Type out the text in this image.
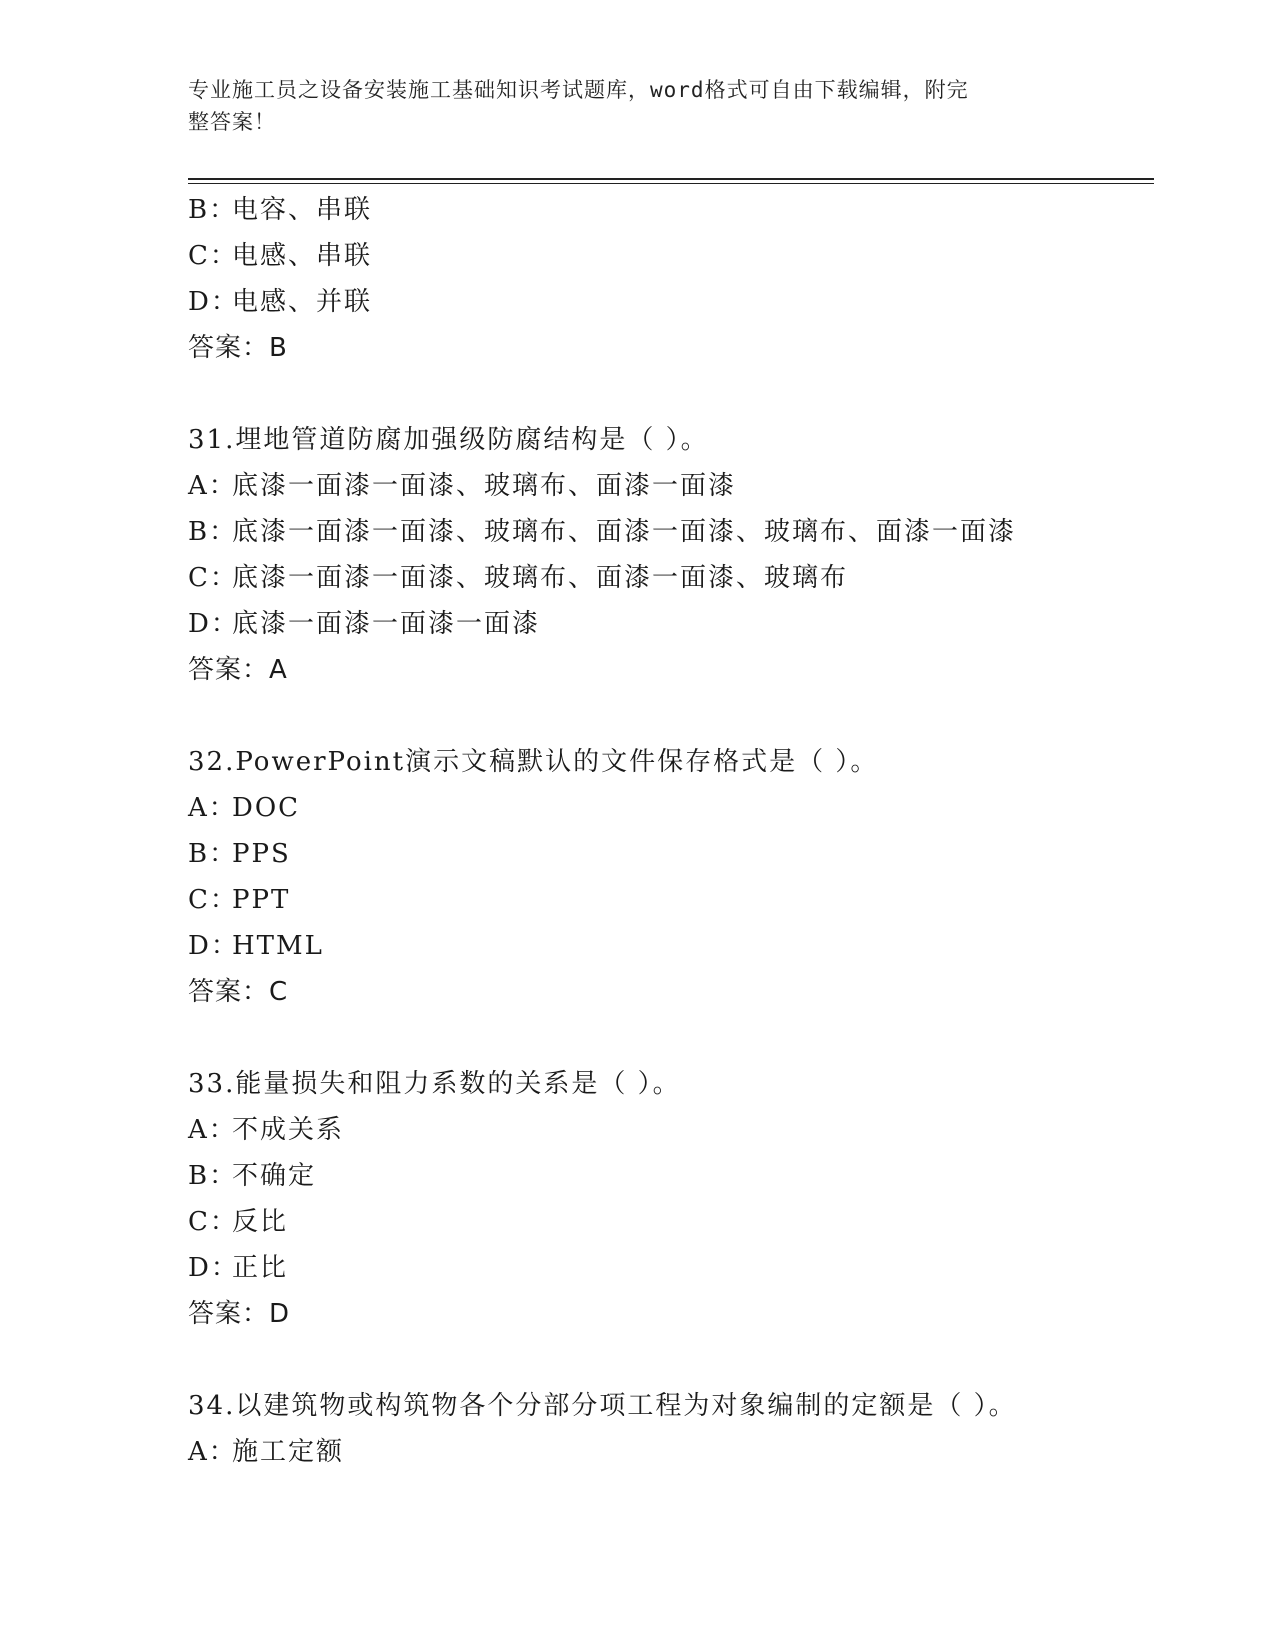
专业施工员之设备安装施工基础知识考试题库，word格式可自由下载编辑，附完
整答案！
B：电容、串联
C：电感、串联
D：电感、并联
答案：B
31.埋地管道防腐加强级防腐结构是（ ）。
A：底漆一面漆一面漆、玻璃布、面漆一面漆
B：底漆一面漆一面漆、玻璃布、面漆一面漆、玻璃布、面漆一面漆
C：底漆一面漆一面漆、玻璃布、面漆一面漆、玻璃布
D：底漆一面漆一面漆一面漆
答案：A
32.PowerPoint演示文稿默认的文件保存格式是（ ）。
A：DOC
B：PPS
C：PPT
D：HTML
答案：C
33.能量损失和阻力系数的关系是（ ）。
A：不成关系
B：不确定
C：反比
D：正比
答案：D
34.以建筑物或构筑物各个分部分项工程为对象编制的定额是（ ）。
A：施工定额
